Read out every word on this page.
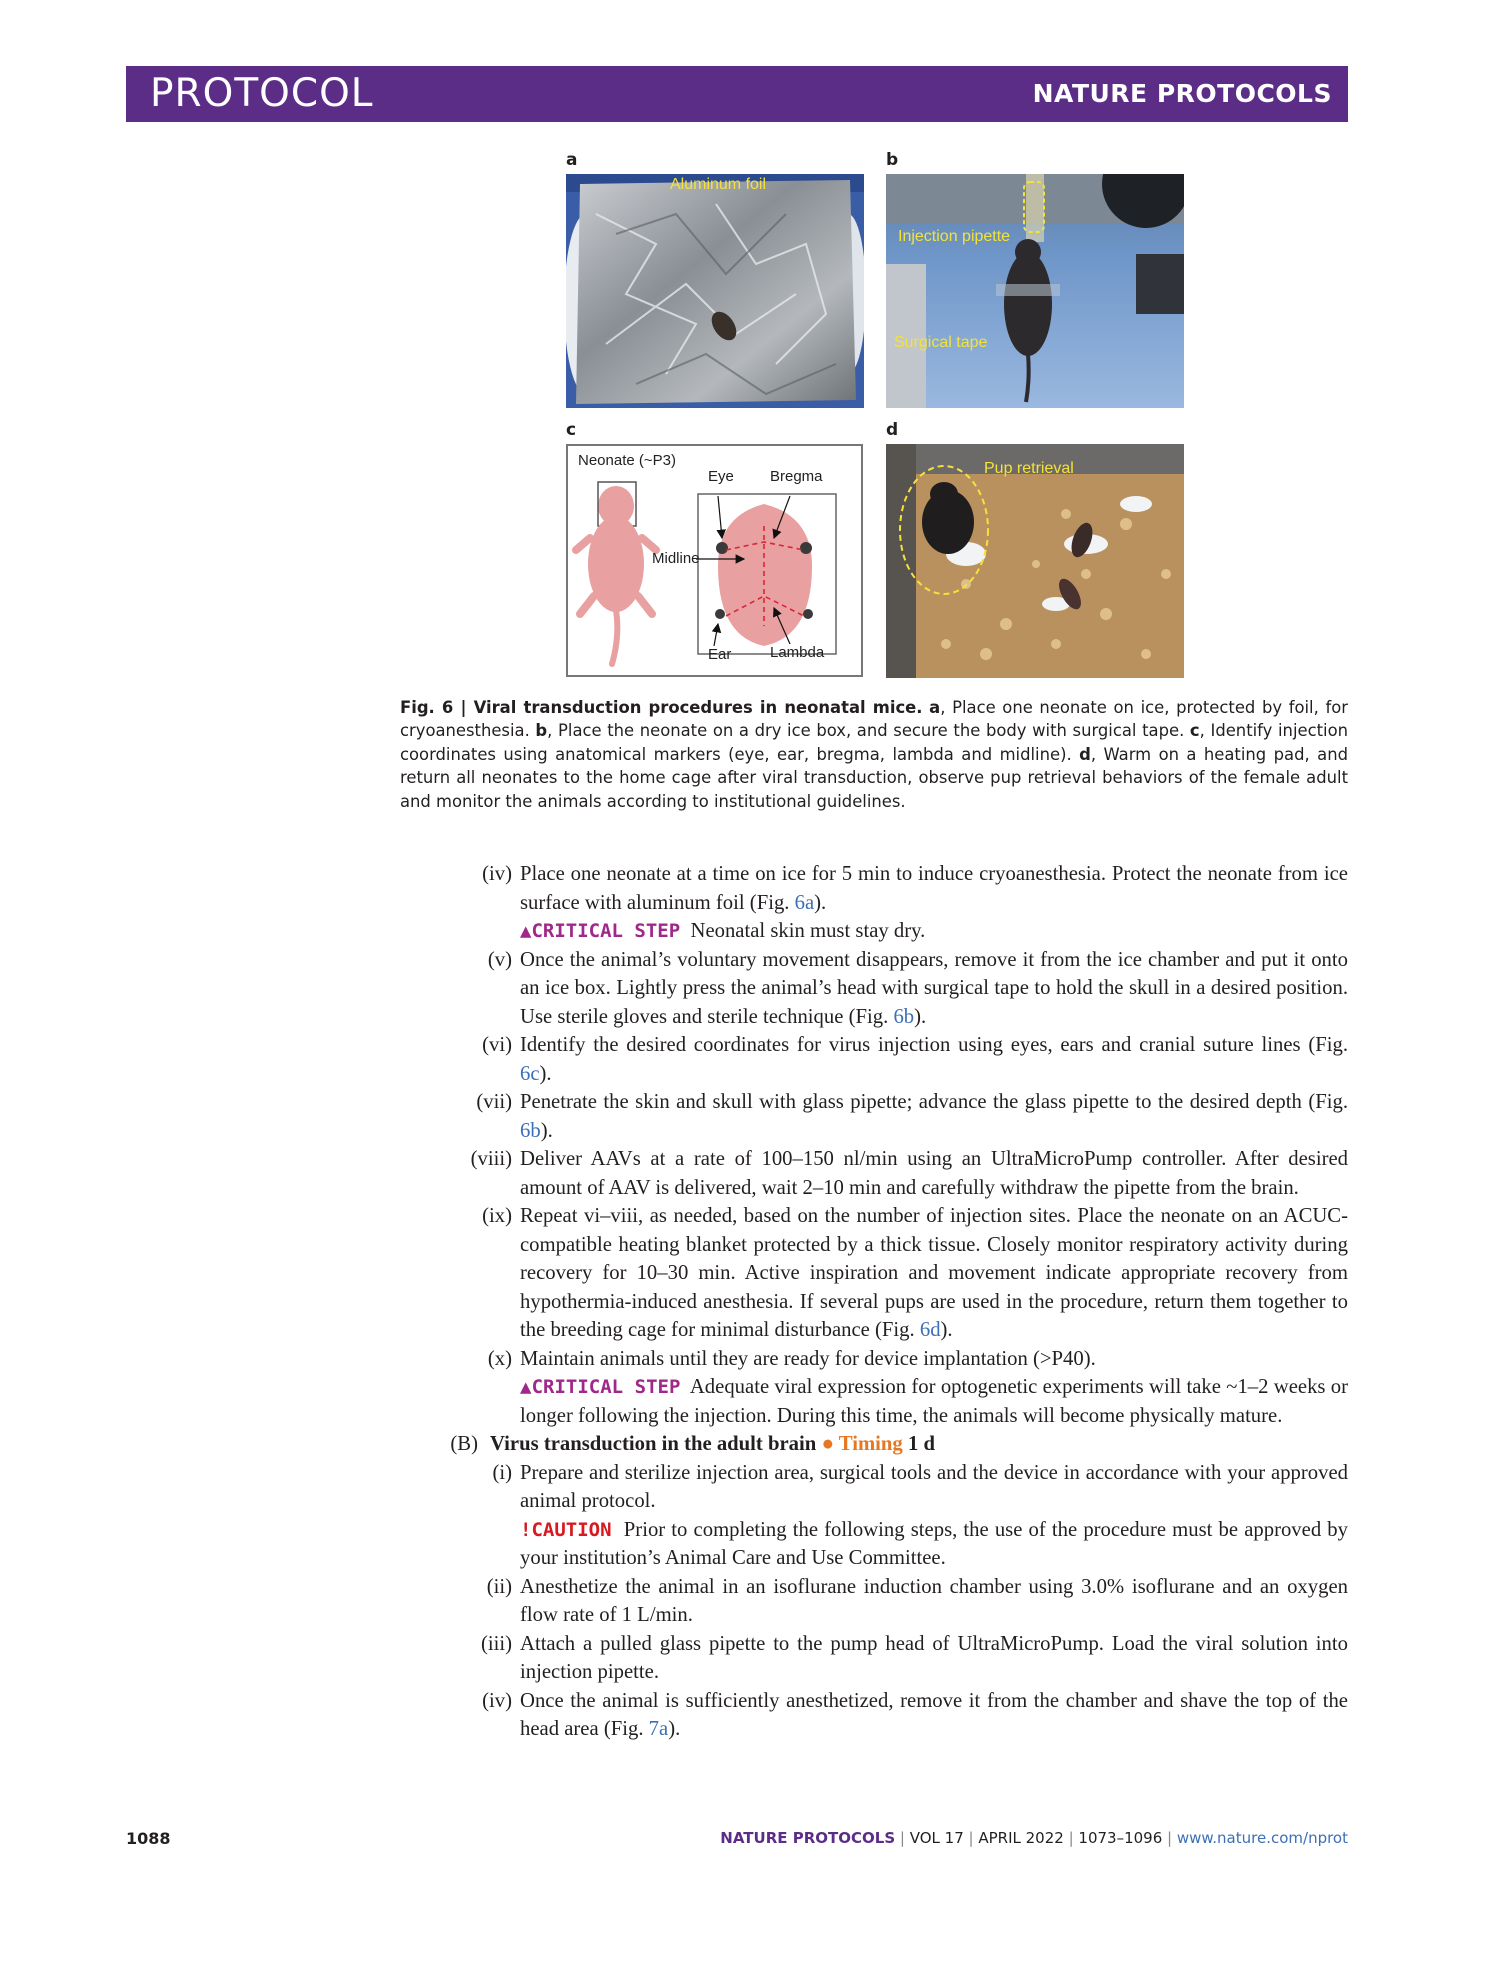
PROTOCOL	NATURE PROTOCOLS
a	b
c	d
Aluminum foil
Injection pipette
Surgical tape
Neonate (~P3)
Eye Bregma
Midline
Ear	Lambda
Pup retrieval
Fig. 6 | Viral transduction procedures in neonatal mice. a, Place one neonate on ice, protected by foil, for cryoanesthesia. b, Place the neonate on a dry ice box, and secure the body with surgical tape. c, Identify injection coordinates using anatomical markers (eye, ear, bregma, lambda and midline). d, Warm on a heating pad, and return all neonates to the home cage after viral transduction, observe pup retrieval behaviors of the female adult and monitor the animals according to institutional guidelines.
(iv) Place one neonate at a time on ice for 5 min to induce cryoanesthesia. Protect the neonate from ice surface with aluminum foil (Fig. 6a).
▲CRITICAL STEP Neonatal skin must stay dry.
(v) Once the animal’s voluntary movement disappears, remove it from the ice chamber and put it onto an ice box. Lightly press the animal’s head with surgical tape to hold the skull in a desired position. Use sterile gloves and sterile technique (Fig. 6b).
(vi) Identify the desired coordinates for virus injection using eyes, ears and cranial suture lines (Fig. 6c).
(vii) Penetrate the skin and skull with glass pipette; advance the glass pipette to the desired depth (Fig. 6b).
(viii) Deliver AAVs at a rate of 100–150 nl/min using an UltraMicroPump controller. After desired amount of AAV is delivered, wait 2–10 min and carefully withdraw the pipette from the brain.
(ix) Repeat vi–viii, as needed, based on the number of injection sites. Place the neonate on an ACUC-compatible heating blanket protected by a thick tissue. Closely monitor respiratory activity during recovery for 10–30 min. Active inspiration and movement indicate appropriate recovery from hypothermia-induced anesthesia. If several pups are used in the procedure, return them together to the breeding cage for minimal disturbance (Fig. 6d).
(x) Maintain animals until they are ready for device implantation (>P40).
▲CRITICAL STEP Adequate viral expression for optogenetic experiments will take ~1–2 weeks or longer following the injection. During this time, the animals will become physically mature.
(B) Virus transduction in the adult brain ● Timing 1 d
(i) Prepare and sterilize injection area, surgical tools and the device in accordance with your approved animal protocol.
!CAUTION Prior to completing the following steps, the use of the procedure must be approved by your institution’s Animal Care and Use Committee.
(ii) Anesthetize the animal in an isoflurane induction chamber using 3.0% isoflurane and an oxygen flow rate of 1 L/min.
(iii) Attach a pulled glass pipette to the pump head of UltraMicroPump. Load the viral solution into injection pipette.
(iv) Once the animal is sufficiently anesthetized, remove it from the chamber and shave the top of the head area (Fig. 7a).
1088	NATURE PROTOCOLS | VOL 17 | APRIL 2022 | 1073–1096 | www.nature.com/nprot
